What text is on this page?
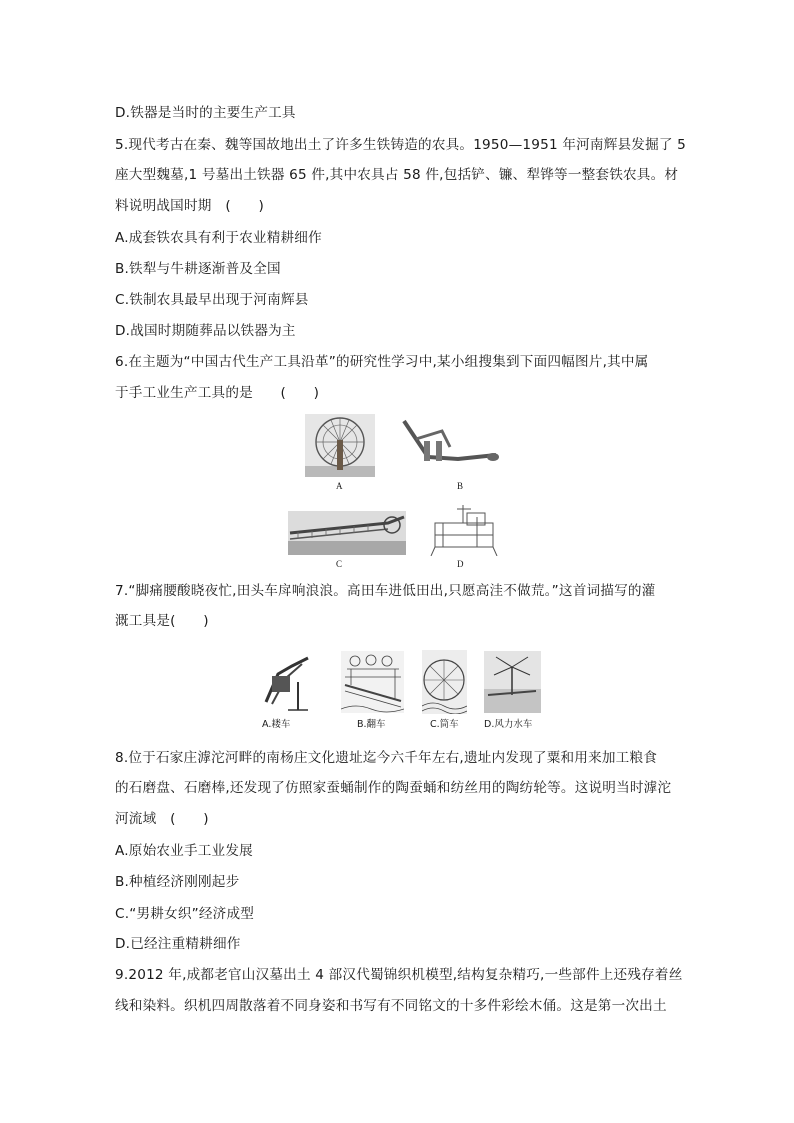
D.铁器是当时的主要生产工具
5.现代考古在秦、魏等国故地出土了许多生铁铸造的农具。1950—1951 年河南辉县发掘了 5
座大型魏墓,1 号墓出土铁器 65 件,其中农具占 58 件,包括铲、镰、犁铧等一整套铁农具。材
料说明战国时期　(　　)
A.成套铁农具有利于农业精耕细作
B.铁犁与牛耕逐渐普及全国
C.铁制农具最早出现于河南辉县
D.战国时期随葬品以铁器为主
6.在主题为“中国古代生产工具沿革”的研究性学习中,某小组搜集到下面四幅图片,其中属
于手工业生产工具的是　　(　　)
A	B
C	D
7.“脚痛腰酸晓夜忙,田头车戽响浪浪。高田车进低田出,只愿高洼不做荒。”这首词描写的灌
溉工具是(　　)
A.耧车	B.翻车	C.筒车	D.风力水车
8.位于石家庄滹沱河畔的南杨庄文化遗址迄今六千年左右,遗址内发现了粟和用来加工粮食
的石磨盘、石磨棒,还发现了仿照家蚕蛹制作的陶蚕蛹和纺丝用的陶纺轮等。这说明当时滹沱
河流域　(　　)
A.原始农业手工业发展
B.种植经济刚刚起步
C.“男耕女织”经济成型
D.已经注重精耕细作
9.2012 年,成都老官山汉墓出土 4 部汉代蜀锦织机模型,结构复杂精巧,一些部件上还残存着丝
线和染料。织机四周散落着不同身姿和书写有不同铭文的十多件彩绘木俑。这是第一次出土
